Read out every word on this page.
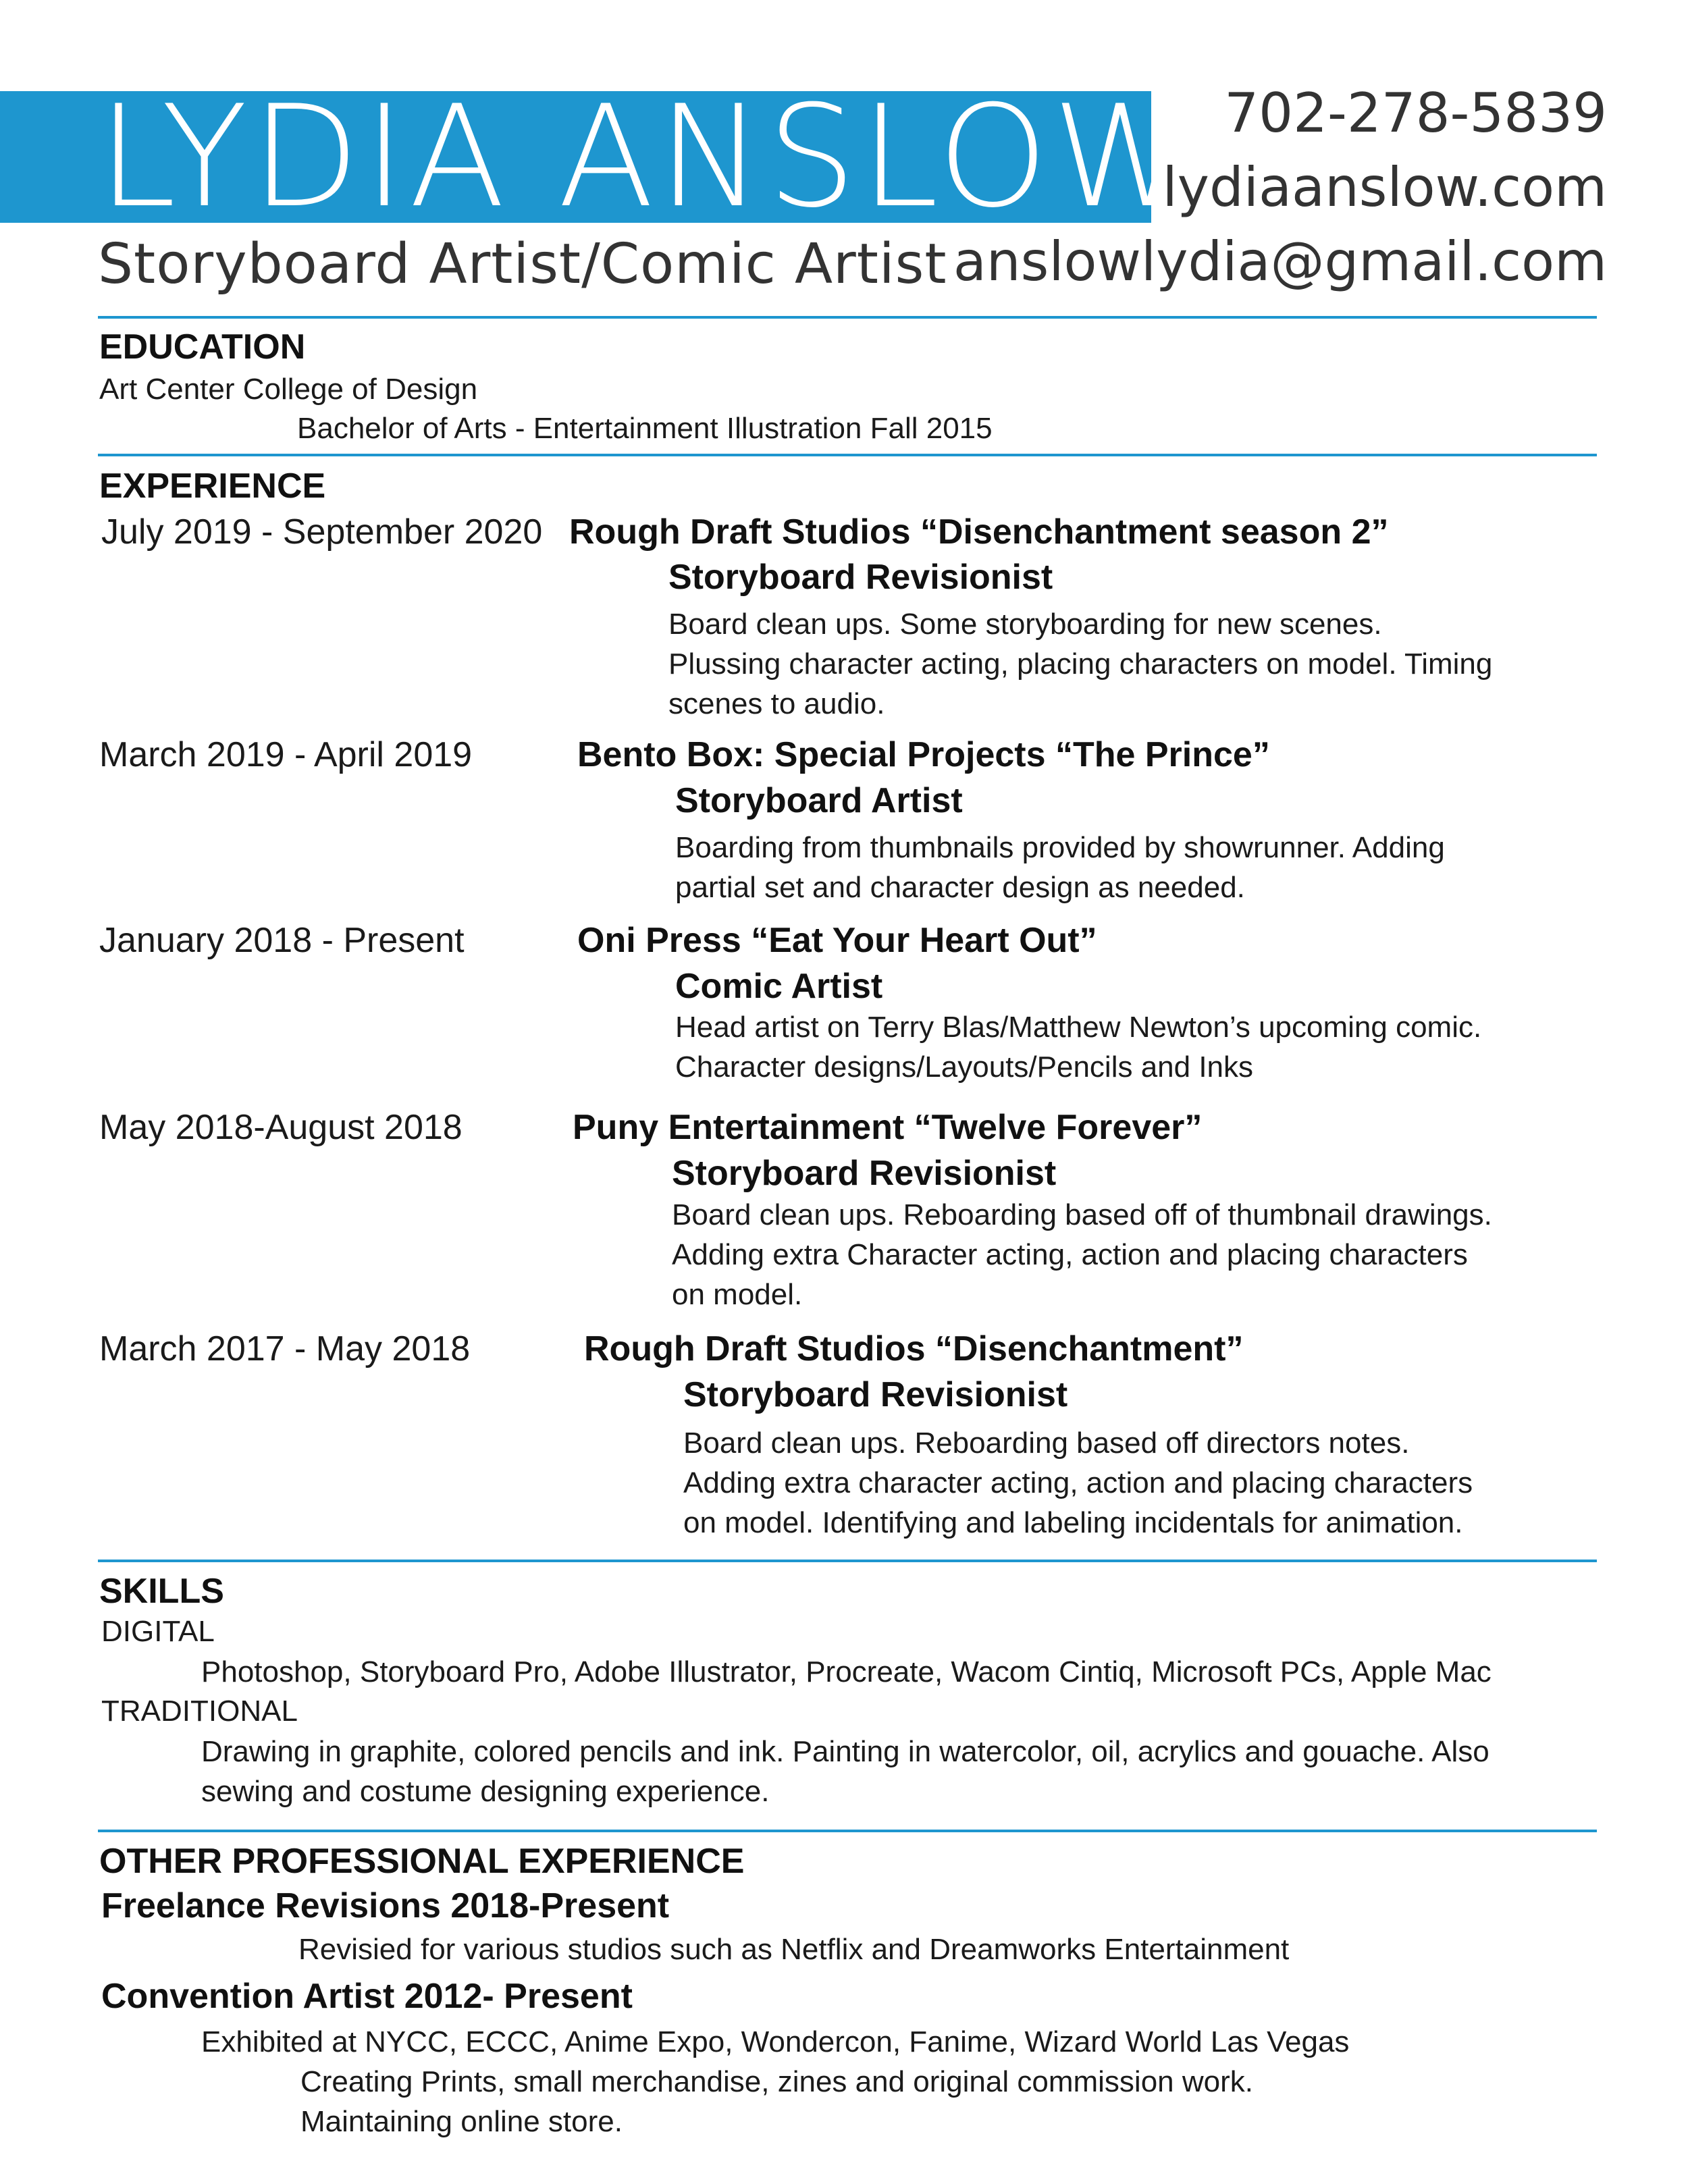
LYDIA ANSLOW
Storyboard Artist/Comic Artist
702-278-5839
lydiaanslow.com
anslowlydia@gmail.com
EDUCATION
Art Center College of Design
Bachelor of Arts - Entertainment Illustration Fall 2015
EXPERIENCE
July 2019 - September 2020 Rough Draft Studios “Disenchantment season 2”
Storyboard Revisionist
Board clean ups. Some storyboarding for new scenes.
Plussing character acting, placing characters on model. Timing
scenes to audio.
March 2019 - April 2019	Bento Box: Special Projects “The Prince”
Storyboard Artist
Boarding from thumbnails provided by showrunner. Adding
partial set and character design as needed.
January 2018 - Present	Oni Press “Eat Your Heart Out”
Comic Artist
Head artist on Terry Blas/Matthew Newton’s upcoming comic.
Character designs/Layouts/Pencils and Inks
May 2018-August 2018	Puny Entertainment “Twelve Forever”
Storyboard Revisionist
Board clean ups. Reboarding based off of thumbnail drawings.
Adding extra Character acting, action and placing characters
on model.
March 2017 - May 2018	Rough Draft Studios “Disenchantment”
Storyboard Revisionist
Board clean ups. Reboarding based off directors notes.
Adding extra character acting, action and placing characters
on model. Identifying and labeling incidentals for animation.
SKILLS
DIGITAL
Photoshop, Storyboard Pro, Adobe Illustrator, Procreate, Wacom Cintiq, Microsoft PCs, Apple Mac
TRADITIONAL
Drawing in graphite, colored pencils and ink. Painting in watercolor, oil, acrylics and gouache. Also
sewing and costume designing experience.
OTHER PROFESSIONAL EXPERIENCE
Freelance Revisions 2018-Present
Revisied for various studios such as Netflix and Dreamworks Entertainment
Convention Artist 2012- Present
Exhibited at NYCC, ECCC, Anime Expo, Wondercon, Fanime, Wizard World Las Vegas
Creating Prints, small merchandise, zines and original commission work.
Maintaining online store.
